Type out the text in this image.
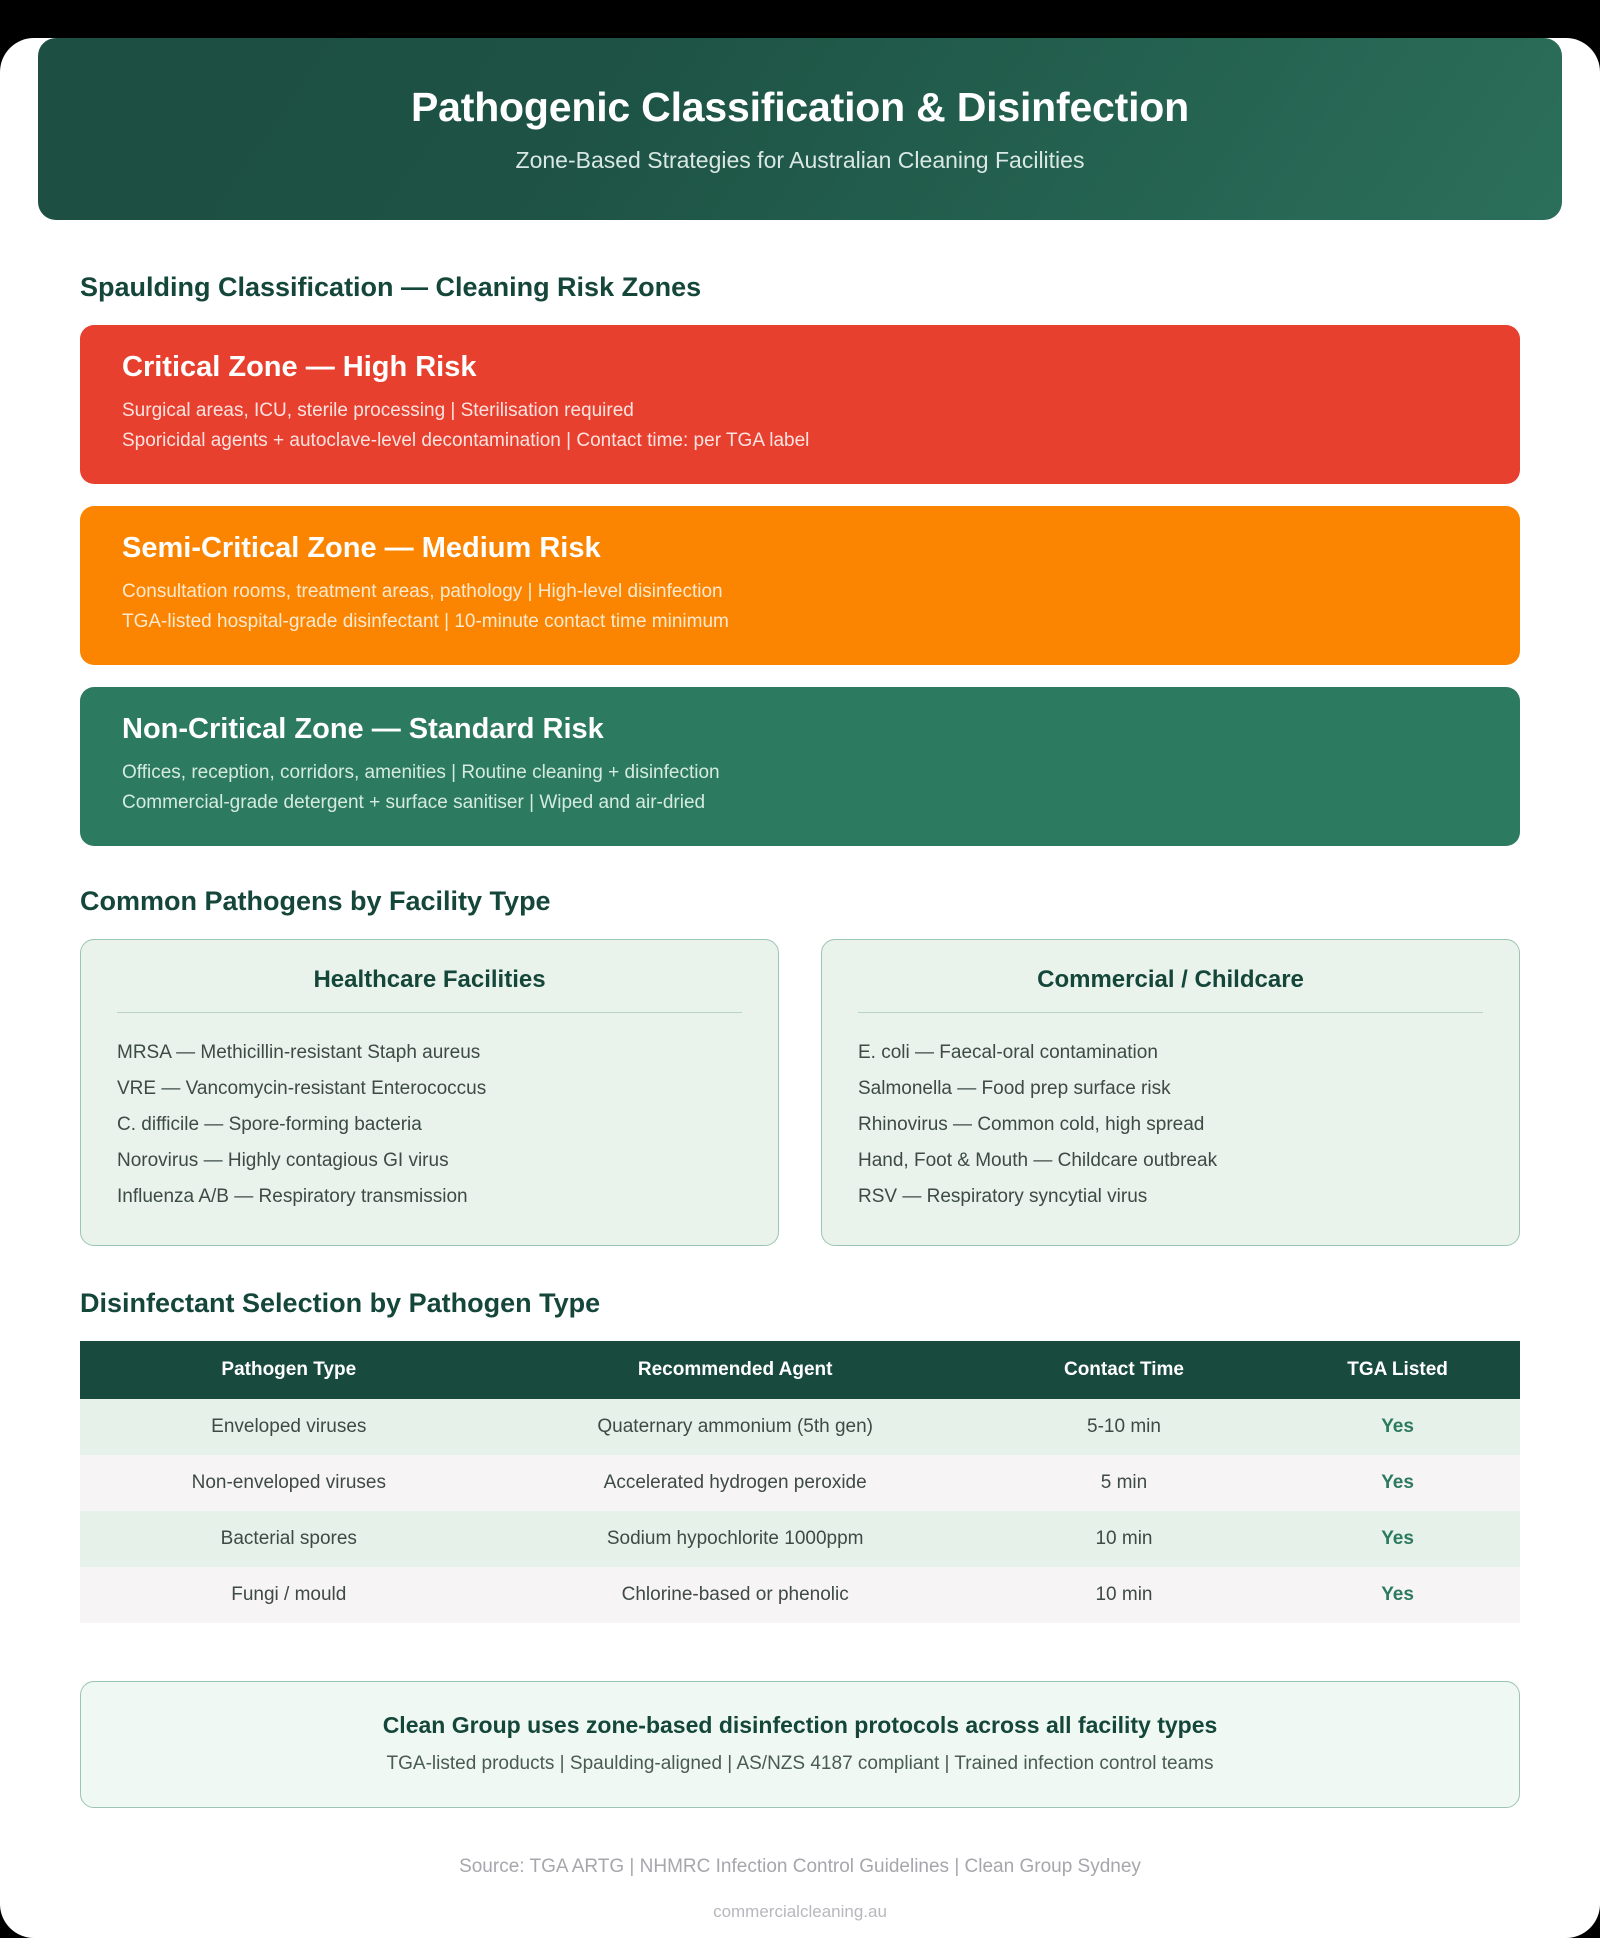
Pathogenic Classification & Disinfection
Zone-Based Strategies for Australian Cleaning Facilities
Spaulding Classification — Cleaning Risk Zones
Critical Zone — High Risk
Surgical areas, ICU, sterile processing | Sterilisation required
Sporicidal agents + autoclave-level decontamination | Contact time: per TGA label
Semi-Critical Zone — Medium Risk
Consultation rooms, treatment areas, pathology | High-level disinfection
TGA-listed hospital-grade disinfectant | 10-minute contact time minimum
Non-Critical Zone — Standard Risk
Offices, reception, corridors, amenities | Routine cleaning + disinfection
Commercial-grade detergent + surface sanitiser | Wiped and air-dried
Common Pathogens by Facility Type
Healthcare Facilities
MRSA — Methicillin-resistant Staph aureus
VRE — Vancomycin-resistant Enterococcus
C. difficile — Spore-forming bacteria
Norovirus — Highly contagious GI virus
Influenza A/B — Respiratory transmission
Commercial / Childcare
E. coli — Faecal-oral contamination
Salmonella — Food prep surface risk
Rhinovirus — Common cold, high spread
Hand, Foot & Mouth — Childcare outbreak
RSV — Respiratory syncytial virus
Disinfectant Selection by Pathogen Type
Pathogen Type	Recommended Agent	Contact Time	TGA Listed
Enveloped viruses	Quaternary ammonium (5th gen)	5-10 min	Yes
Non-enveloped viruses	Accelerated hydrogen peroxide	5 min	Yes
Bacterial spores	Sodium hypochlorite 1000ppm	10 min	Yes
Fungi / mould	Chlorine-based or phenolic	10 min	Yes
Clean Group uses zone-based disinfection protocols across all facility types
TGA-listed products | Spaulding-aligned | AS/NZS 4187 compliant | Trained infection control teams
Source: TGA ARTG | NHMRC Infection Control Guidelines | Clean Group Sydney
commercialcleaning.au
